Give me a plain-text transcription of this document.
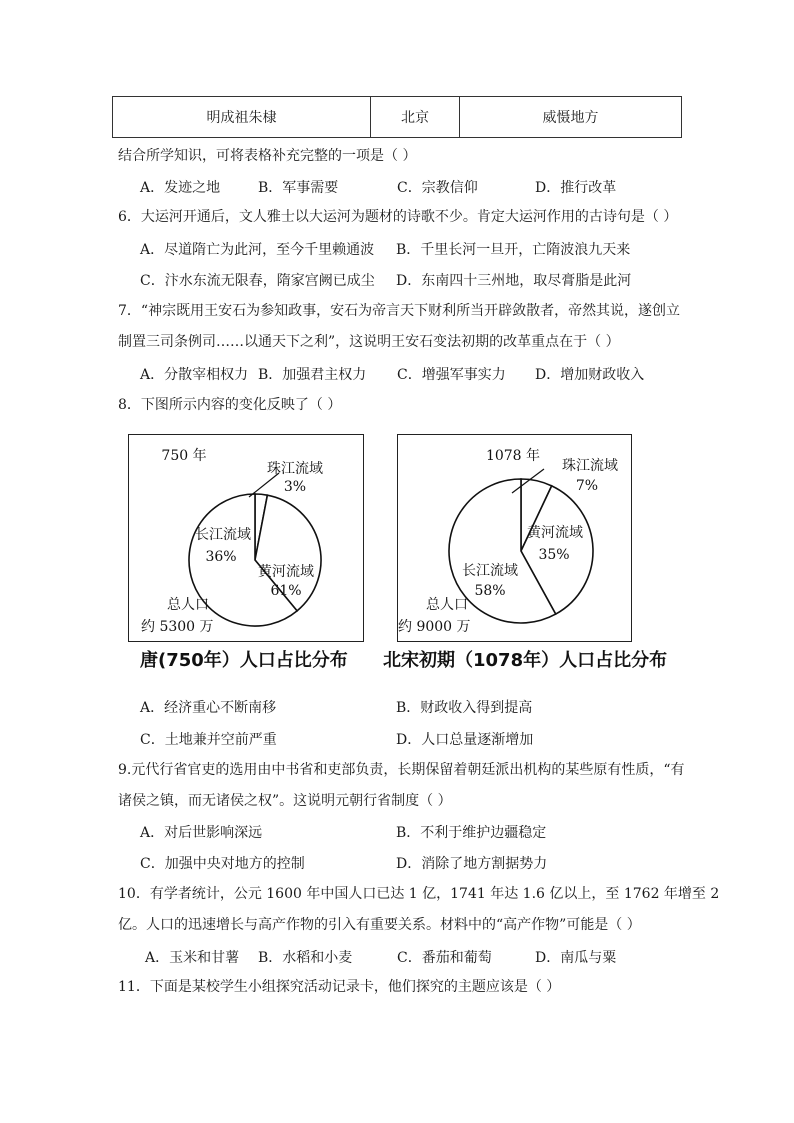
明成祖朱棣	北京	威慑地方
结合所学知识，可将表格补充完整的一项是（ ）
A．发迹之地	B．军事需要	C．宗教信仰	D．推行改革
6．大运河开通后，文人雅士以大运河为题材的诗歌不少。肯定大运河作用的古诗句是（ ）
A．尽道隋亡为此河，至今千里赖通波 B．千里长河一旦开，亡隋波浪九天来
C．汴水东流无限春，隋家宫阙已成尘 D．东南四十三州地，取尽膏脂是此河
7．“神宗既用王安石为参知政事，安石为帝言天下财利所当开辟敛散者，帝然其说，遂创立
制置三司条例司……以通天下之利”，这说明王安石变法初期的改革重点在于（ ）
A．分散宰相权力 B．加强君主权力 C．增强军事实力 D．增加财政收入
8．下图所示内容的变化反映了（ ）
珠江流域
3%
长江流域
36%
黄河流域
61%
750 年
总人口
约 5300 万
珠江流域
7%
黄河流域
35%
长江流域
58%
1078 年
总人口
约 9000 万
唐(750年）人口占比分布 北宋初期（1078年）人口占比分布
A．经济重心不断南移	B．财政收入得到提高
C．土地兼并空前严重	D．人口总量逐渐增加
9.元代行省官吏的选用由中书省和吏部负责，长期保留着朝廷派出机构的某些原有性质，“有
诸侯之镇，而无诸侯之权”。这说明元朝行省制度（ ）
A．对后世影响深远	B．不利于维护边疆稳定
C．加强中央对地方的控制	D．消除了地方割据势力
10．有学者统计，公元 1600 年中国人口已达 1 亿，1741 年达 1.6 亿以上，至 1762 年增至 2
亿。人口的迅速增长与高产作物的引入有重要关系。材料中的“高产作物”可能是（ ）
A．玉米和甘薯 B．水稻和小麦	C．番茄和葡萄	D．南瓜与粟
11．下面是某校学生小组探究活动记录卡，他们探究的主题应该是（ ）
